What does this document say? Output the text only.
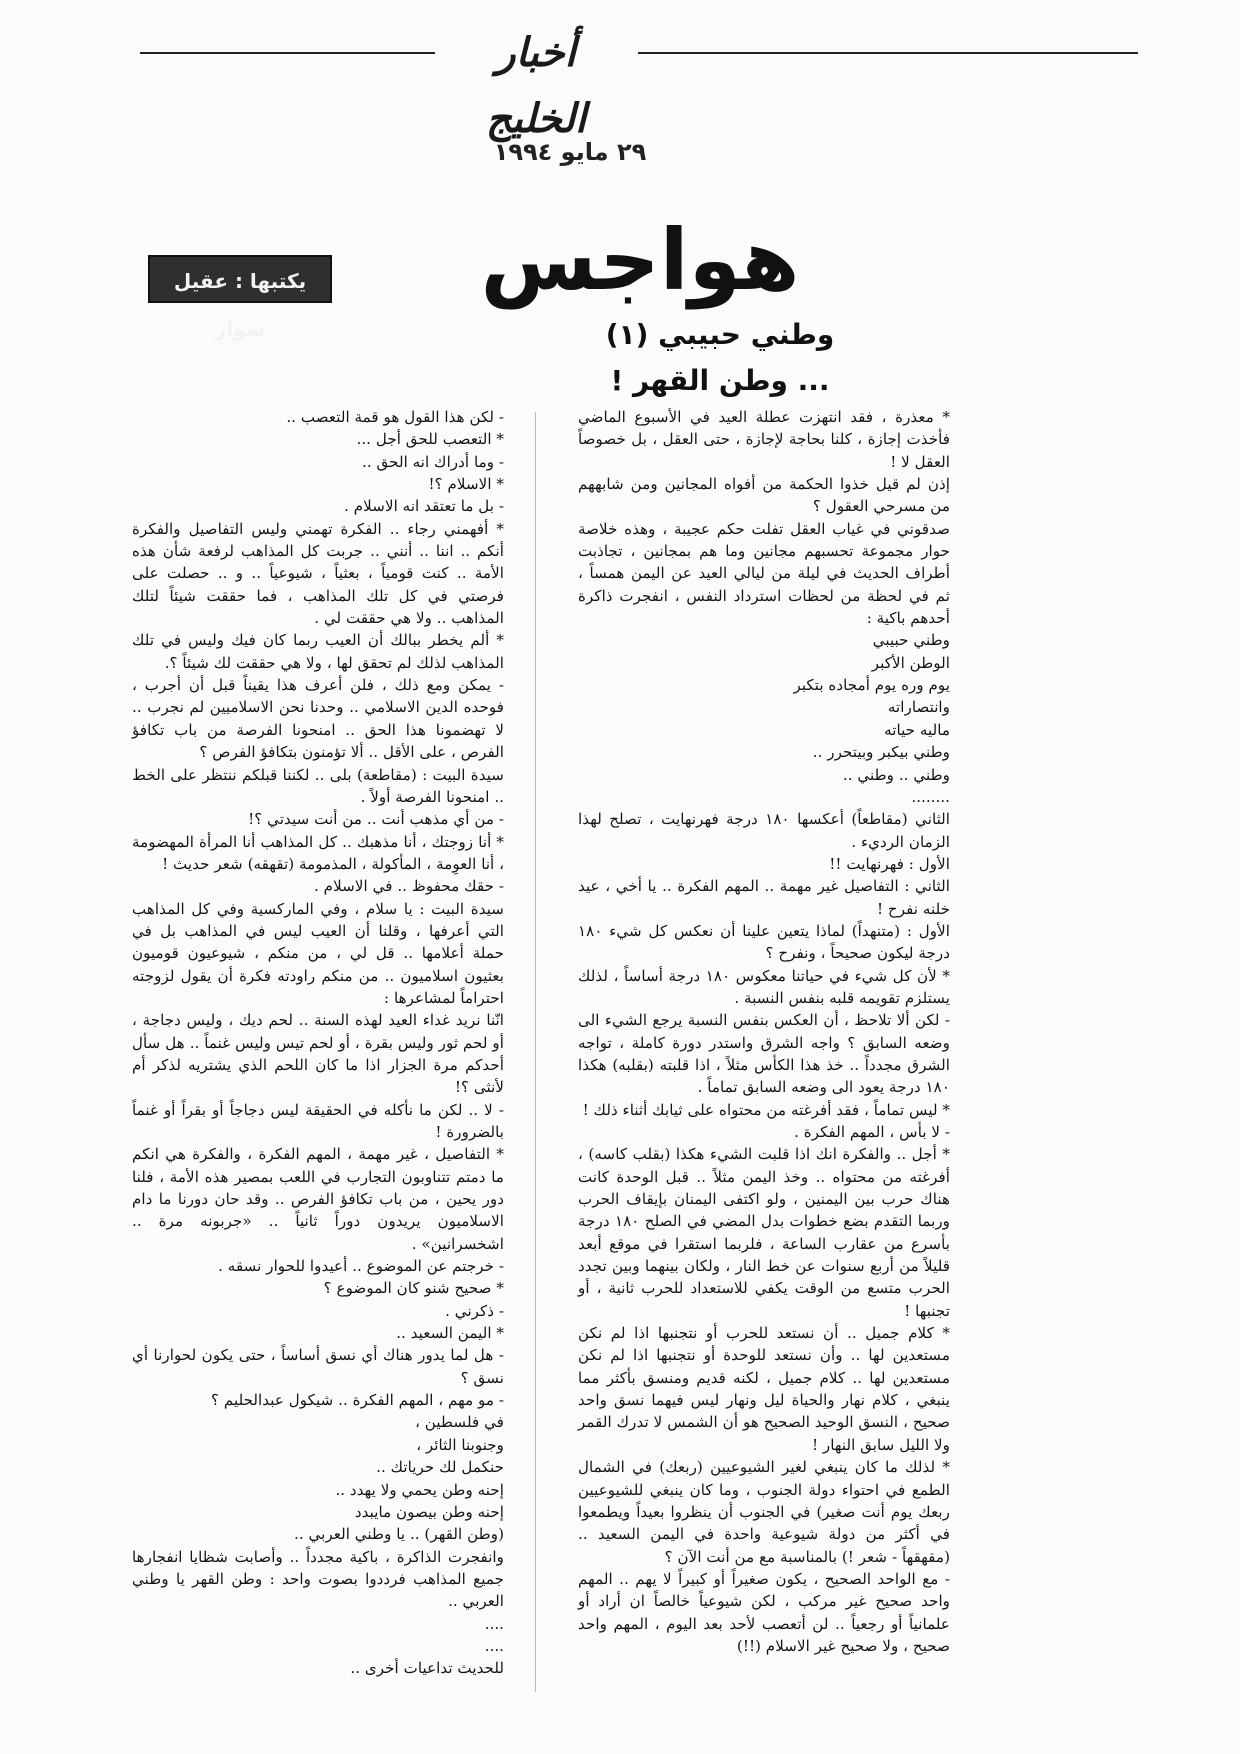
أخبار الخليج
٢٩ مايو ١٩٩٤
هواجس
يكتبها : عقيل سوار	وطني حبيبي (١)
... وطن القهر !

* معذرة ، فقد انتهزت عطلة العيد في الأسبوع الماضي فأخذت إجازة ، كلنا بحاجة لإجازة ، حتى العقل ، بل خصوصاً العقل لا !

إذن لم قيل خذوا الحكمة من أفواه المجانين ومن شابههم من مسرحي العقول ؟

صدقوني في غياب العقل تفلت حكم عجيبة ، وهذه خلاصة حوار مجموعة تحسبهم مجانين وما هم بمجانين ، تجاذبت أطراف الحديث في ليلة من ليالي العيد عن اليمن همساً ، ثم في لحظة من لحظات استرداد النفس ، انفجرت ذاكرة أحدهم باكية :

وطني حبيبي

الوطن الأكبر

يوم وره يوم أمجاده بتكبر

وانتصاراته

ماليه حياته

وطني بيكبر وبيتحرر ..

وطني .. وطني ..

........

الثاني (مقاطعاً) أعكسها ١٨٠ درجة فهرنهايت ، تصلح لهذا الزمان الرديء .

الأول : فهرنهايت !!

الثاني : التفاصيل غير مهمة .. المهم الفكرة .. يا أخي ، عيد خلنه نفرح !

الأول : (متنهداً) لماذا يتعين علينا أن نعكس كل شيء ١٨٠ درجة ليكون صحيحاً ، ونفرح ؟

* لأن كل شيء في حياتنا معكوس ١٨٠ درجة أساساً ، لذلك يستلزم تقويمه قلبه بنفس النسبة .

- لكن ألا تلاحظ ، أن العكس بنفس النسبة يرجع الشيء الى وضعه السابق ؟ واجه الشرق واستدر دورة كاملة ، تواجه الشرق مجدداً .. خذ هذا الكأس مثلاً ، اذا قلبته (بقلبه) هكذا ١٨٠ درجة يعود الى وضعه السابق تماماً .

* ليس تماماً ، فقد أفرغته من محتواه على ثيابك أثناء ذلك !

- لا بأس ، المهم الفكرة .

* أجل .. والفكرة انك اذا قلبت الشيء هكذا (بقلب كاسه) ، أفرغته من محتواه .. وخذ اليمن مثلاً .. قبل الوحدة كانت هناك حرب بين اليمنين ، ولو اكتفى اليمنان بإيقاف الحرب وربما التقدم بضع خطوات بدل المضي في الصلح ١٨٠ درجة بأسرع من عقارب الساعة ، فلربما استقرا في موقع أبعد قليلاً من أربع سنوات عن خط النار ، ولكان بينهما وبين تجدد الحرب متسع من الوقت يكفي للاستعداد للحرب ثانية ، أو تجنبها !

* كلام جميل .. أن نستعد للحرب أو نتجنبها اذا لم نكن مستعدين لها .. وأن نستعد للوحدة أو نتجنبها اذا لم نكن مستعدين لها .. كلام جميل ، لكنه قديم ومنسق بأكثر مما ينبغي ، كلام نهار والحياة ليل ونهار ليس فيهما نسق واحد صحيح ، النسق الوحيد الصحيح هو أن الشمس لا تدرك القمر ولا الليل سابق النهار !

* لذلك ما كان ينبغي لغير الشيوعيين (ربعك) في الشمال الطمع في احتواء دولة الجنوب ، وما كان ينبغي للشيوعيين ربعك يوم أنت صغير) في الجنوب أن ينظروا بعيداً ويطمعوا في أكثر من دولة شيوعية واحدة في اليمن السعيد .. (مقهقهاً - شعر !) بالمناسبة مع من أنت الآن ؟

- مع الواحد الصحيح ، يكون صغيراً أو كبيراً لا يهم .. المهم واحد صحيح غير مركب ، لكن شيوعياً خالصاً ان أراد أو علمانياً أو رجعياً .. لن أتعصب لأحد بعد اليوم ، المهم واحد صحيح ، ولا صحيح غير الاسلام (!!)

- لكن هذا القول هو قمة التعصب ..

* التعصب للحق أجل ...

- وما أدراك انه الحق ..

* الاسلام ؟!

- بل ما تعتقد انه الاسلام .

* أفهمني رجاء .. الفكرة تهمني وليس التفاصيل والفكرة أنكم .. اننا .. أنني .. جربت كل المذاهب لرفعة شأن هذه الأمة .. كنت قومياً ، بعثياً ، شيوعياً .. و .. حصلت على فرصتي في كل تلك المذاهب ، فما حققت شيئاً لتلك المذاهب .. ولا هي حققت لي .

* ألم يخطر ببالك أن العيب ربما كان فيك وليس في تلك المذاهب لذلك لم تحقق لها ، ولا هي حققت لك شيئاً ؟.

- يمكن ومع ذلك ، فلن أعرف هذا يقيناً قبل أن أجرب ، فوحده الدين الاسلامي .. وحدنا نحن الاسلاميين لم نجرب .. لا تهضمونا هذا الحق .. امنحونا الفرصة من باب تكافؤ الفرص ، على الأقل .. ألا تؤمنون بتكافؤ الفرص ؟

سيدة البيت : (مقاطعة) بلى .. لكننا قبلكم ننتظر على الخط .. امنحونا الفرصة أولاً .

- من أي مذهب أنت .. من أنت سيدتي ؟!

* أنا زوجتك ، أنا مذهبك .. كل المذاهب أنا المرأة المهضومة ، أنا العوِمة ، المأكولة ، المذمومة (تقهقه) شعر حديث !

- حقك محفوظ .. في الاسلام .

سيدة البيت : يا سلام ، وفي الماركسية وفي كل المذاهب التي أعرفها ، وقلنا أن العيب ليس في المذاهب بل في حملة أعلامها .. قل لي ، من منكم ، شيوعيون قوميون بعثيون اسلاميون .. من منكم راودته فكرة أن يقول لزوجته احتراماً لمشاعرها :

انّنا نريد غداء العيد لهذه السنة .. لحم ديك ، وليس دجاجة ، أو لحم ثور وليس بقرة ، أو لحم تيس وليس غنماً .. هل سأل أحدكم مرة الجزار اذا ما كان اللحم الذي يشتريه لذكر أم لأنثى ؟!

- لا .. لكن ما نأكله في الحقيقة ليس دجاجاً أو بقراً أو غنماً بالضرورة !

* التفاصيل ، غير مهمة ، المهم الفكرة ، والفكرة هي انكم ما دمتم تتناوبون التجارب في اللعب بمصير هذه الأمة ، فلنا دور يحين ، من باب تكافؤ الفرص .. وقد حان دورنا ما دام الاسلاميون يريدون دوراً ثانياً .. «جربونه مرة .. اشخسرانين» .

- خرجتم عن الموضوع .. أعيدوا للحوار نسقه .

* صحيح شنو كان الموضوع ؟

- ذكرني .

* اليمن السعيد ..

- هل لما يدور هناك أي نسق أساساً ، حتى يكون لحوارنا أي نسق ؟

- مو مهم ، المهم الفكرة .. شيكول عبدالحليم ؟

في فلسطين ،

وجنوبنا الثائر ،

حنكمل لك حرياتك ..

إحنه وطن يحمي ولا يهدد ..

إحنه وطن بيصون مايبدد

(وطن القهر) .. يا وطني العربي ..

وانفجرت الذاكرة ، باكية مجدداً .. وأصابت شظايا انفجارها جميع المذاهب فرددوا بصوت واحد : وطن القهر يا وطني العربي ..

....

....

للحديث تداعيات أخرى ..
